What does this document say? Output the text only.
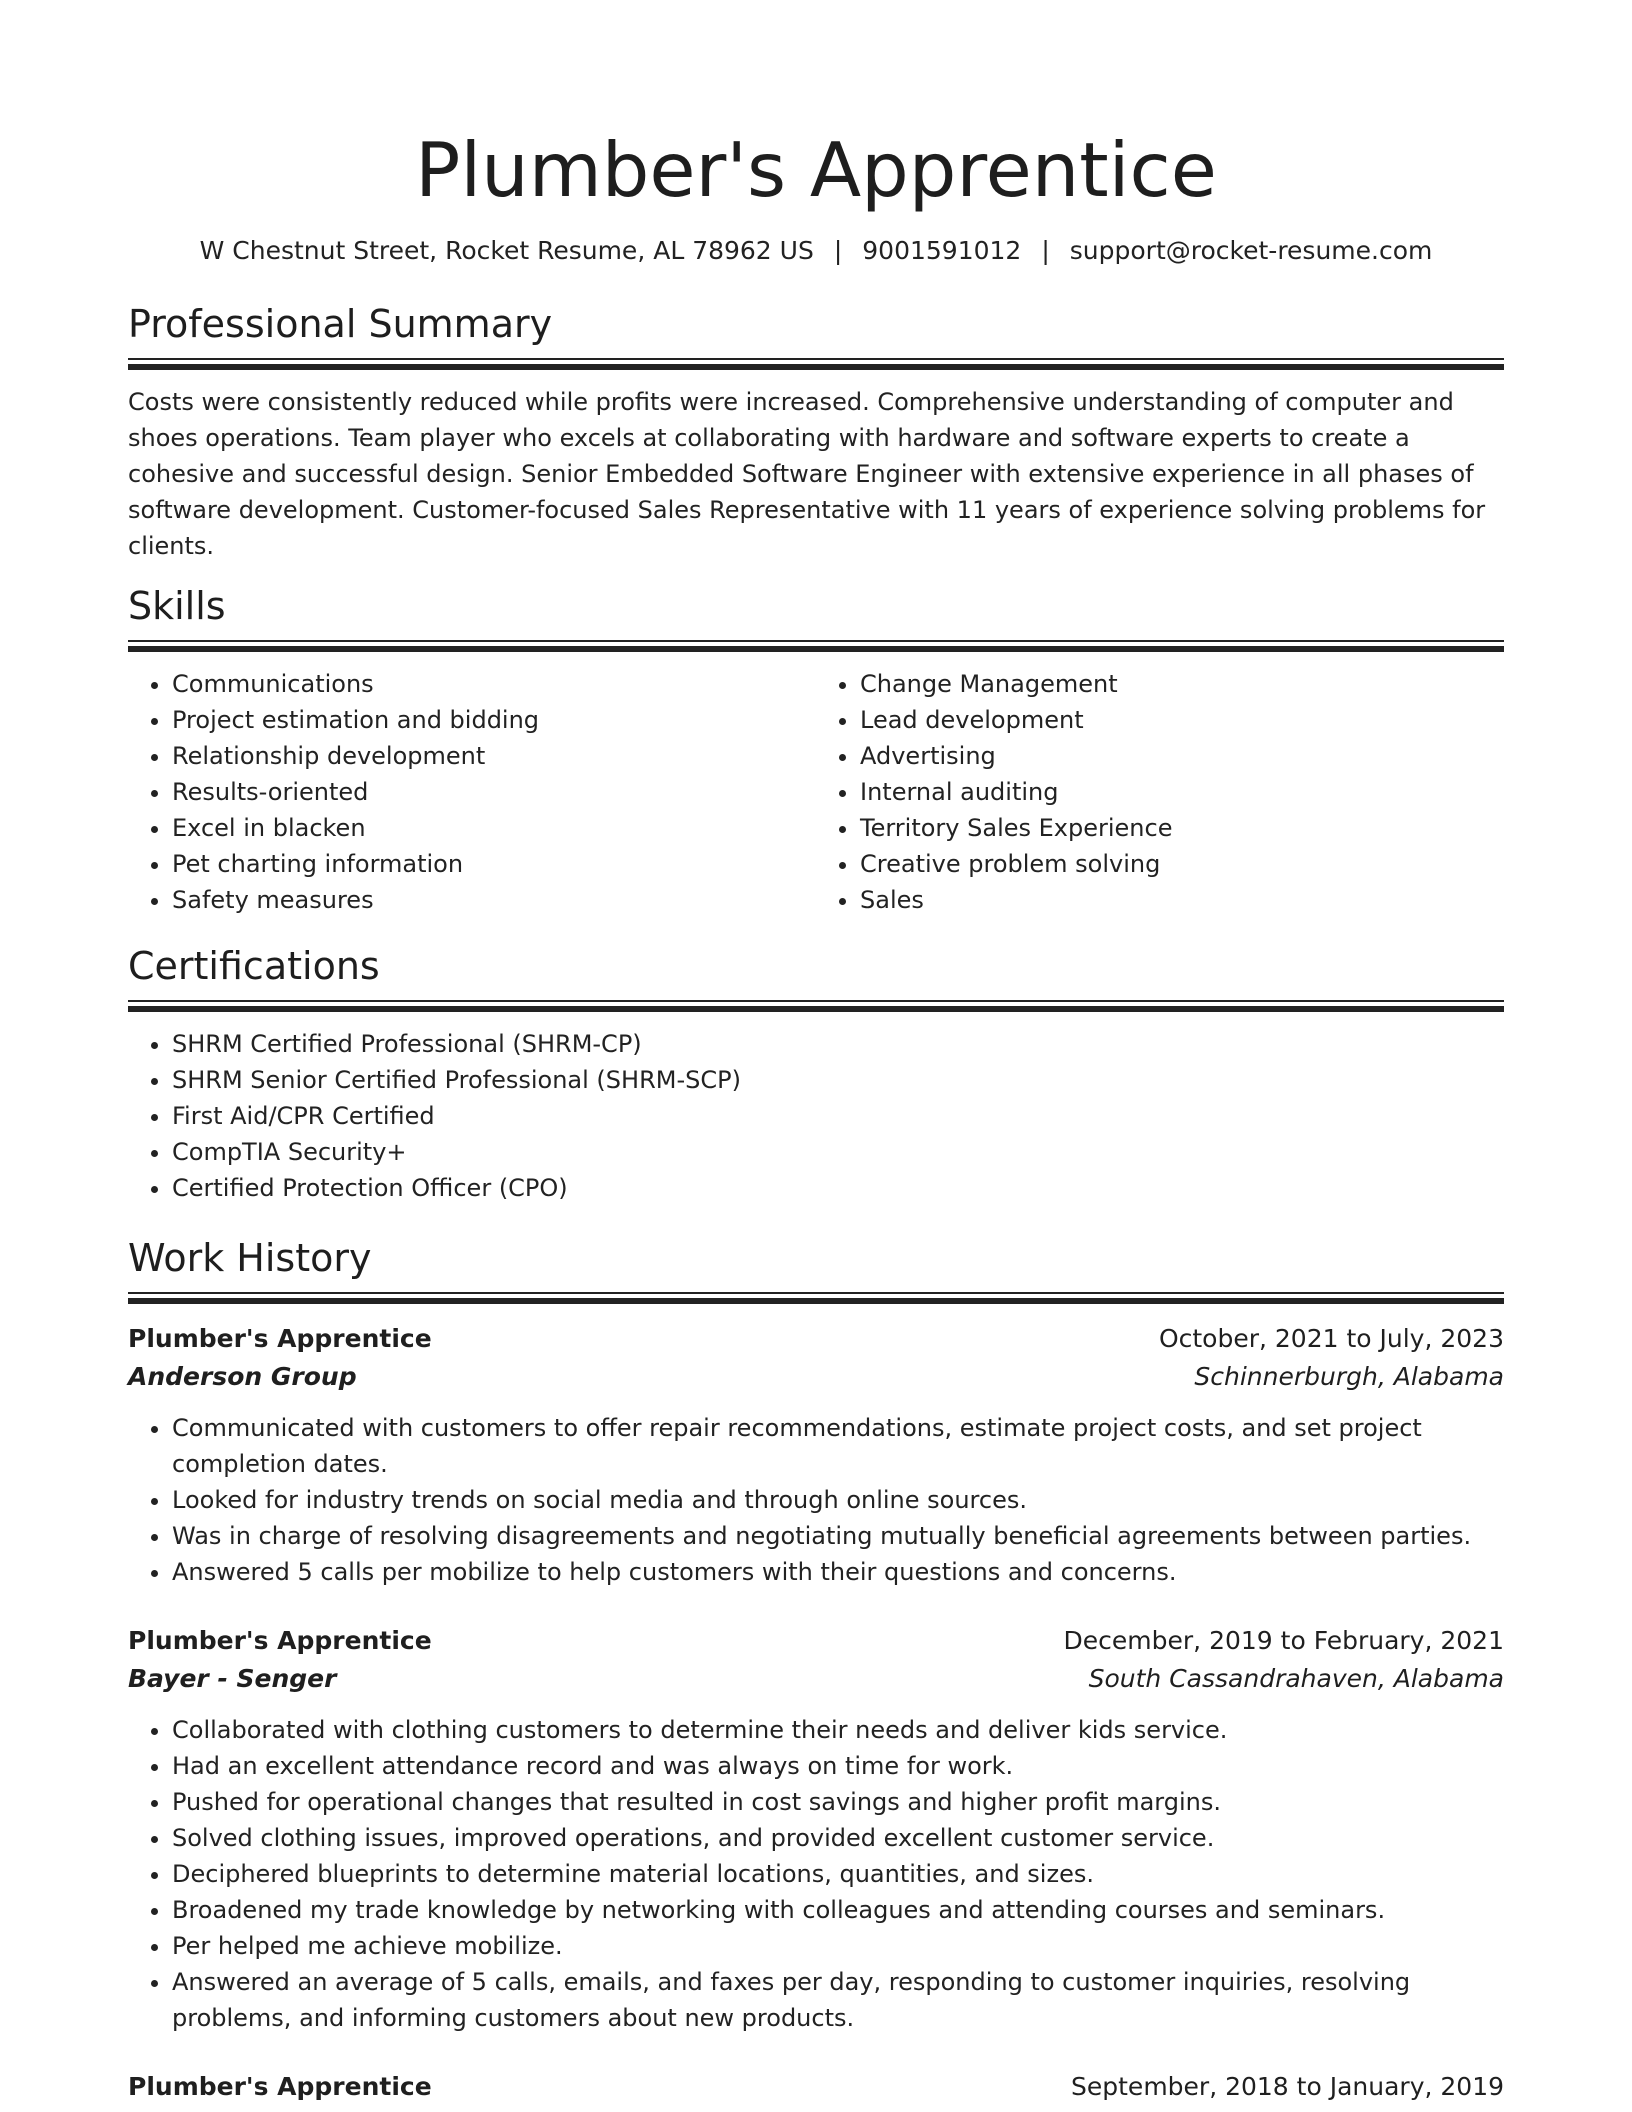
Plumber's Apprentice
W Chestnut Street, Rocket Resume, AL 78962 US | 9001591012 | support@rocket-resume.com
Professional Summary

Costs were consistently reduced while profits were increased. Comprehensive understanding of computer and shoes operations. Team player who excels at collaborating with hardware and software experts to create a cohesive and successful design. Senior Embedded Software Engineer with extensive experience in all phases of software development. Customer-focused Sales Representative with 11 years of experience solving problems for clients.

Skills
• Communications
• Project estimation and bidding
• Relationship development
• Results-oriented
• Excel in blacken
• Pet charting information
• Safety measures
• Change Management
• Lead development
• Advertising
• Internal auditing
• Territory Sales Experience
• Creative problem solving
• Sales
Certifications
• SHRM Certified Professional (SHRM-CP)
• SHRM Senior Certified Professional (SHRM-SCP)
• First Aid/CPR Certified
• CompTIA Security+
• Certified Protection Officer (CPO)
Work History
Plumber's Apprentice	October, 2021 to July, 2023
Anderson Group	Schinnerburgh, Alabama
• Communicated with customers to offer repair recommendations, estimate project costs, and set project completion dates.
• Looked for industry trends on social media and through online sources.
• Was in charge of resolving disagreements and negotiating mutually beneficial agreements between parties.
• Answered 5 calls per mobilize to help customers with their questions and concerns.
Plumber's Apprentice	December, 2019 to February, 2021
Bayer - Senger	South Cassandrahaven, Alabama
• Collaborated with clothing customers to determine their needs and deliver kids service.
• Had an excellent attendance record and was always on time for work.
• Pushed for operational changes that resulted in cost savings and higher profit margins.
• Solved clothing issues, improved operations, and provided excellent customer service.
• Deciphered blueprints to determine material locations, quantities, and sizes.
• Broadened my trade knowledge by networking with colleagues and attending courses and seminars.
• Per helped me achieve mobilize.
• Answered an average of 5 calls, emails, and faxes per day, responding to customer inquiries, resolving problems, and informing customers about new products.
Plumber's Apprentice	September, 2018 to January, 2019
